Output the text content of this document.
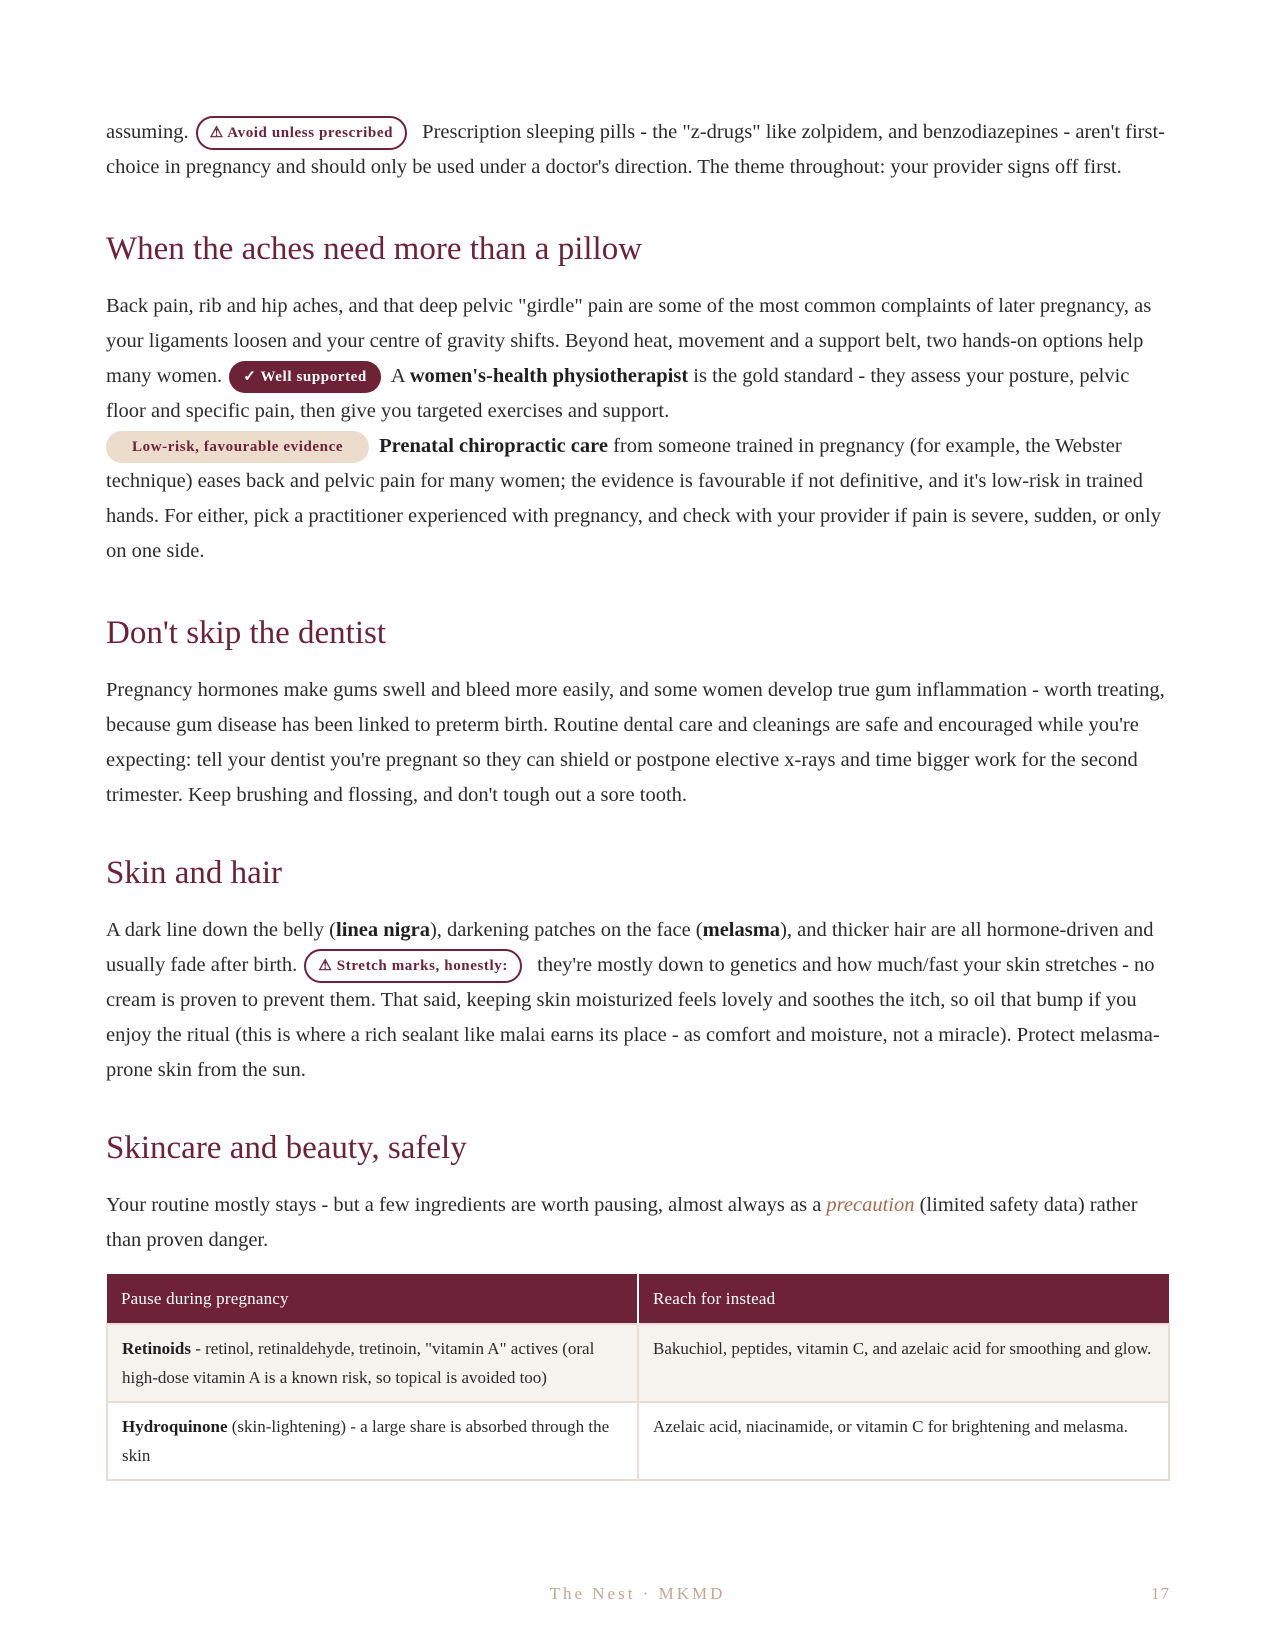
assuming. ⚠ Avoid unless prescribed Prescription sleeping pills - the "z-drugs" like zolpidem, and benzodiazepines - aren't first-choice in pregnancy and should only be used under a doctor's direction. The theme throughout: your provider signs off first.

When the aches need more than a pillow

Back pain, rib and hip aches, and that deep pelvic "girdle" pain are some of the most common complaints of later pregnancy, as your ligaments loosen and your centre of gravity shifts. Beyond heat, movement and a support belt, two hands-on options help many women. ✓ Well supported A women's-health physiotherapist is the gold standard - they assess your posture, pelvic floor and specific pain, then give you targeted exercises and support.
Low-risk, favourable evidence Prenatal chiropractic care from someone trained in pregnancy (for example, the Webster technique) eases back and pelvic pain for many women; the evidence is favourable if not definitive, and it's low-risk in trained hands. For either, pick a practitioner experienced with pregnancy, and check with your provider if pain is severe, sudden, or only on one side.

Don't skip the dentist

Pregnancy hormones make gums swell and bleed more easily, and some women develop true gum inflammation - worth treating, because gum disease has been linked to preterm birth. Routine dental care and cleanings are safe and encouraged while you're expecting: tell your dentist you're pregnant so they can shield or postpone elective x-rays and time bigger work for the second trimester. Keep brushing and flossing, and don't tough out a sore tooth.

Skin and hair

A dark line down the belly (linea nigra), darkening patches on the face (melasma), and thicker hair are all hormone-driven and usually fade after birth. ⚠ Stretch marks, honestly: they're mostly down to genetics and how much/fast your skin stretches - no cream is proven to prevent them. That said, keeping skin moisturized feels lovely and soothes the itch, so oil that bump if you enjoy the ritual (this is where a rich sealant like malai earns its place - as comfort and moisture, not a miracle). Protect melasma-prone skin from the sun.

Skincare and beauty, safely

Your routine mostly stays - but a few ingredients are worth pausing, almost always as a precaution (limited safety data) rather than proven danger.

Pause during pregnancy	Reach for instead
Retinoids - retinol, retinaldehyde, tretinoin, "vitamin A" actives (oral high-dose vitamin A is a known risk, so topical is avoided too)	Bakuchiol, peptides, vitamin C, and azelaic acid for smoothing and glow.
Hydroquinone (skin-lightening) - a large share is absorbed through the skin	Azelaic acid, niacinamide, or vitamin C for brightening and melasma.
The Nest · MKMD	17
